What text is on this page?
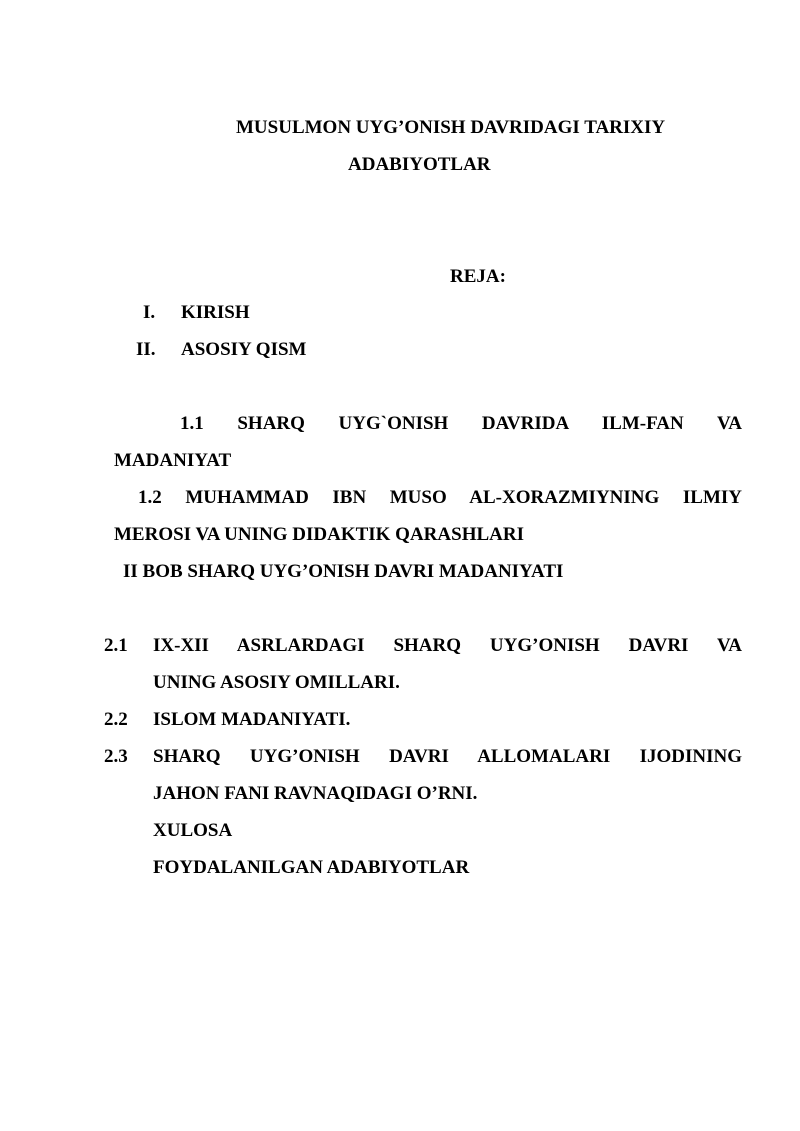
MUSULMON UYG’ONISH DAVRIDAGI TARIXIY
ADABIYOTLAR
REJA:
I. KIRISH
II. ASOSIY QISM
1.1 SHARQ UYG`ONISH DAVRIDA ILM-FAN VA
MADANIYAT
1.2 MUHAMMAD IBN MUSO AL-XORAZMIYNING ILMIY
MEROSI VA UNING DIDAKTIK QARASHLARI
II BOB SHARQ UYG’ONISH DAVRI MADANIYATI
2.1 IX-XII ASRLARDAGI SHARQ UYG’ONISH DAVRI VA
UNING ASOSIY OMILLARI.
2.2 ISLOM MADANIYATI.
2.3 SHARQ UYG’ONISH DAVRI ALLOMALARI IJODINING
JAHON FANI RAVNAQIDAGI O’RNI.
XULOSA
FOYDALANILGAN ADABIYOTLAR
